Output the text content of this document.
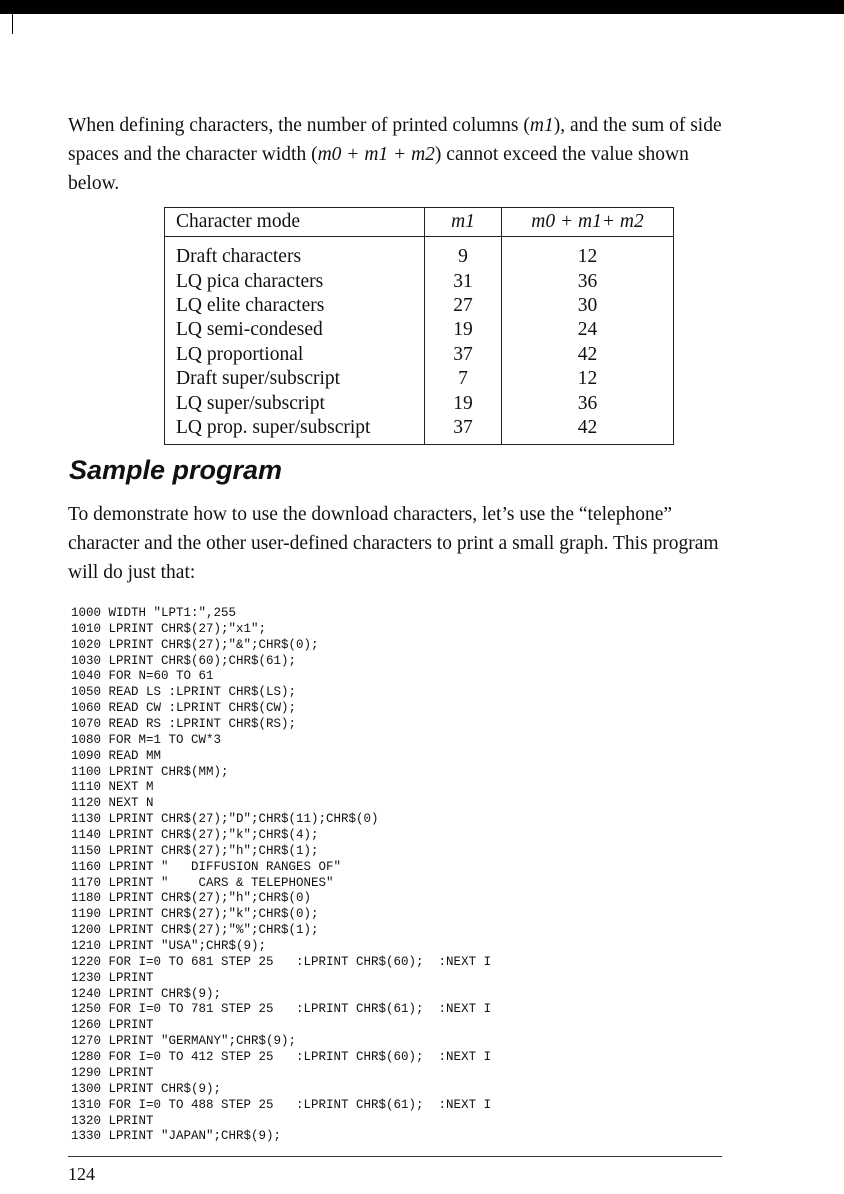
When defining characters, the number of printed columns (m1), and the sum of side spaces and the character width (m0 + m1 + m2) cannot exceed the value shown below.

Character mode	m1	m0 + m1+ m2
Draft characters	9	12
LQ pica characters	31	36
LQ elite characters	27	30
LQ semi-condesed	19	24
LQ proportional	37	42
Draft super/subscript	7	12
LQ super/subscript	19	36
LQ prop. super/subscript	37	42
Sample program

To demonstrate how to use the download characters, let’s use the “telephone” character and the other user-defined characters to print a small graph. This program will do just that:

1000 WIDTH "LPT1:",255
1010 LPRINT CHR$(27);"x1";
1020 LPRINT CHR$(27);"&";CHR$(0);
1030 LPRINT CHR$(60);CHR$(61);
1040 FOR N=60 TO 61
1050 READ LS :LPRINT CHR$(LS);
1060 READ CW :LPRINT CHR$(CW);
1070 READ RS :LPRINT CHR$(RS);
1080 FOR M=1 TO CW*3
1090 READ MM
1100 LPRINT CHR$(MM);
1110 NEXT M
1120 NEXT N
1130 LPRINT CHR$(27);"D";CHR$(11);CHR$(0)
1140 LPRINT CHR$(27);"k";CHR$(4);
1150 LPRINT CHR$(27);"h";CHR$(1);
1160 LPRINT "   DIFFUSION RANGES OF"
1170 LPRINT "    CARS & TELEPHONES"
1180 LPRINT CHR$(27);"h";CHR$(0)
1190 LPRINT CHR$(27);"k";CHR$(0);
1200 LPRINT CHR$(27);"%";CHR$(1);
1210 LPRINT "USA";CHR$(9);
1220 FOR I=0 TO 681 STEP 25   :LPRINT CHR$(60);  :NEXT I
1230 LPRINT
1240 LPRINT CHR$(9);
1250 FOR I=0 TO 781 STEP 25   :LPRINT CHR$(61);  :NEXT I
1260 LPRINT
1270 LPRINT "GERMANY";CHR$(9);
1280 FOR I=0 TO 412 STEP 25   :LPRINT CHR$(60);  :NEXT I
1290 LPRINT
1300 LPRINT CHR$(9);
1310 FOR I=0 TO 488 STEP 25   :LPRINT CHR$(61);  :NEXT I
1320 LPRINT
1330 LPRINT "JAPAN";CHR$(9);
124
